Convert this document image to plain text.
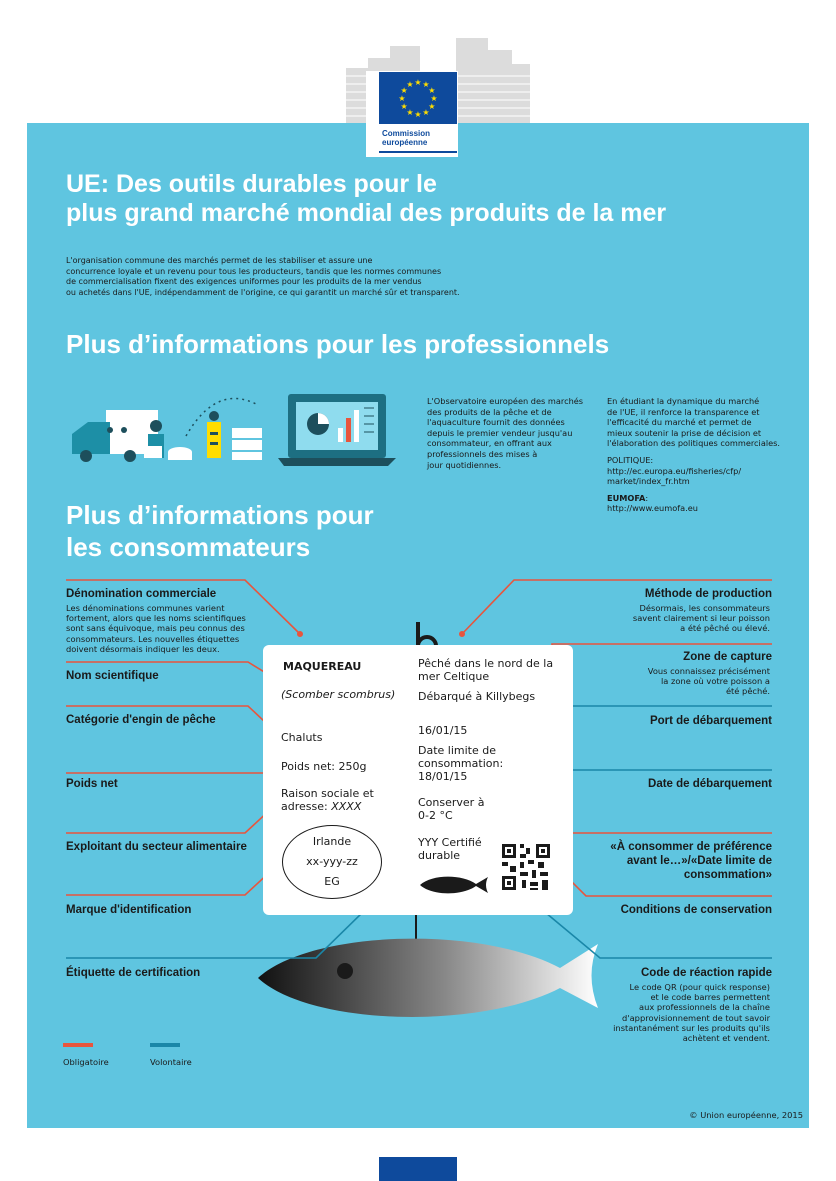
★ ★
★
★
★
★
★
★
★
★
★
★
Commission
européenne
UE: Des outils durables pour le
plus grand marché mondial des produits de la mer
L'organisation commune des marchés permet de les stabiliser et assure une
concurrence loyale et un revenu pour tous les producteurs, tandis que les normes communes
de commercialisation fixent des exigences uniformes pour les produits de la mer vendus
ou achetés dans l'UE, indépendamment de l'origine, ce qui garantit un marché sûr et transparent.
Plus d’informations pour les professionnels
L'Observatoire européen des marchés
des produits de la pêche et de
l'aquaculture fournit des données
depuis le premier vendeur jusqu'au
consommateur, en offrant aux
professionnels des mises à
jour quotidiennes.
En étudiant la dynamique du marché
de l'UE, il renforce la transparence et
l'efficacité du marché et permet de
mieux soutenir la prise de décision et
l'élaboration des politiques commerciales.
POLITIQUE:
http://ec.europa.eu/fisheries/cfp/
market/index_fr.htm
EUMOFA:
http://www.eumofa.eu
Plus d’informations pour
les consommateurs
MAQUEREAU
(Scomber scombrus)
Chaluts
Poids net: 250g
Raison sociale et
adresse: XXXX
Irlande
xx-yyy-zz
EG
Pêché dans le nord de la
mer Celtique
Débarqué à Killybegs
16/01/15
Date limite de
consommation:
18/01/15
Conserver à
0-2 °C
YYY Certifié
durable
Dénomination commerciale
Les dénominations communes varient
fortement, alors que les noms scientifiques
sont sans équivoque, mais peu connus des
consommateurs. Les nouvelles étiquettes
doivent désormais indiquer les deux.
Nom scientifique
Catégorie d'engin de pêche
Poids net
Exploitant du secteur alimentaire
Marque d'identification
Étiquette de certification
Méthode de production
Désormais, les consommateurs
savent clairement si leur poisson
a été pêché ou élevé.
Zone de capture
Vous connaissez précisément
la zone où votre poisson a
été pêché.
Port de débarquement
Date de débarquement
«À consommer de préférence
avant le…»/«Date limite de
consommation»
Conditions de conservation
Code de réaction rapide
Le code QR (pour quick response)
et le code barres permettent
aux professionnels de la chaîne
d'approvisionnement de tout savoir
instantanément sur les produits qu'ils
achètent et vendent.
Obligatoire	Volontaire
© Union européenne, 2015
